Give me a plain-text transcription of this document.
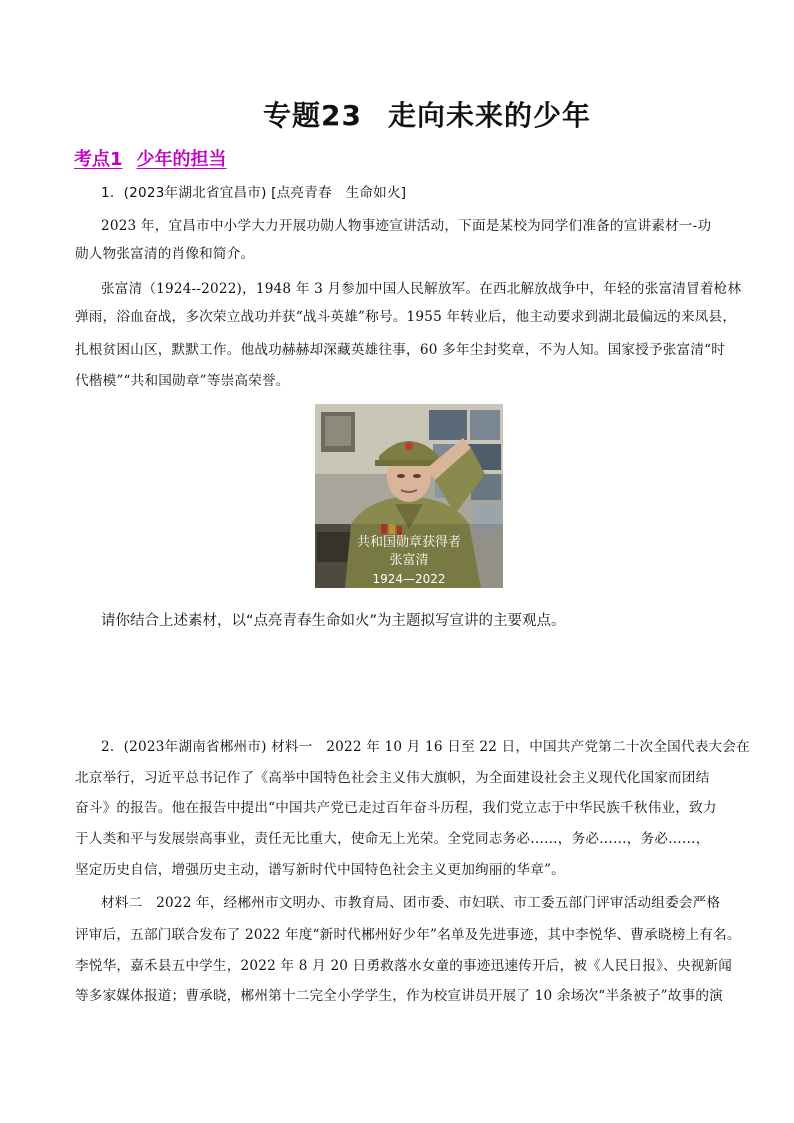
专题23 走向未来的少年
考点1 少年的担当
1．(2023年湖北省宜昌市) [点亮青春　生命如火]
2023 年，宜昌市中小学大力开展功勋人物事迹宣讲活动，下面是某校为同学们准备的宣讲素材一-功
勋人物张富清的肖像和简介。
张富清（1924--2022)，1948 年 3 月参加中国人民解放军。在西北解放战争中，年轻的张富清冒着枪林
弹雨，浴血奋战，多次荣立战功并获“战斗英雄”称号。1955 年转业后，他主动要求到湖北最偏远的来凤县，
扎根贫困山区，默默工作。他战功赫赫却深藏英雄往事，60 多年尘封奖章，不为人知。国家授予张富清“时
代楷模”“共和国勋章”等崇高荣誉。
共和国勋章获得者
张富清
1924—2022
请你结合上述素材，以“点亮青春生命如火”为主题拟写宣讲的主要观点。
2．(2023年湖南省郴州市) 材料一　2022 年 10 月 16 日至 22 日，中国共产党第二十次全国代表大会在
北京举行，习近平总书记作了《高举中国特色社会主义伟大旗帜，为全面建设社会主义现代化国家而团结
奋斗》的报告。他在报告中提出“中国共产党已走过百年奋斗历程，我们党立志于中华民族千秋伟业，致力
于人类和平与发展崇高事业，责任无比重大，使命无上光荣。全党同志务必……，务必……，务必……，
坚定历史自信，增强历史主动，谱写新时代中国特色社会主义更加绚丽的华章”。
材料二　2022 年，经郴州市文明办、市教育局、团市委、市妇联、市工委五部门评审活动组委会严格
评审后，五部门联合发布了 2022 年度“新时代郴州好少年”名单及先进事迹，其中李悦华、曹承晓榜上有名。
李悦华，嘉禾县五中学生，2022 年 8 月 20 日勇救落水女童的事迹迅速传开后，被《人民日报》、央视新闻
等多家媒体报道；曹承晓，郴州第十二完全小学学生，作为校宣讲员开展了 10 余场次“半条被子”故事的演
